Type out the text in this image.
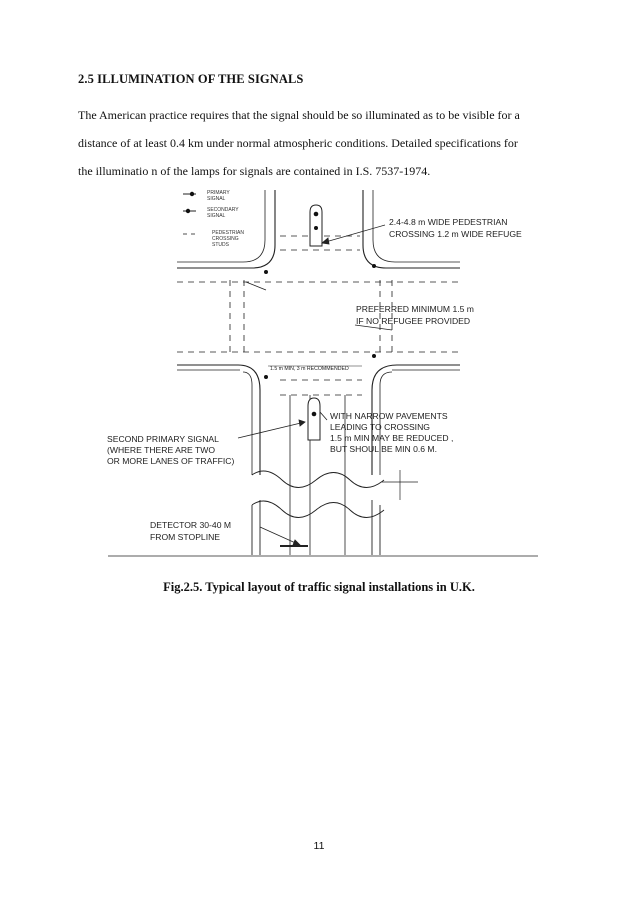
2.5 ILLUMINATION OF THE SIGNALS
The American practice requires that the signal should be so illuminated as to be visible for a
distance of at least 0.4 km under normal atmospheric conditions. Detailed specifications for
the illuminatio n of the lamps for signals are contained in I.S. 7537-1974.
PRIMARY
SIGNAL
SECONDARY
SIGNAL
PEDESTRIAN
CROSSING
STUDS
2.4-4.8 m WIDE PEDESTRIAN
CROSSING 1.2 m WIDE REFUGE
PREFERRED MINIMUM 1.5 m
IF NO REFUGEE PROVIDED
WITH NARROW PAVEMENTS
LEADING TO CROSSING
1.5 m MIN MAY BE REDUCED ,
BUT SHOUL BE MIN 0.6 M.
SECOND PRIMARY SIGNAL
(WHERE THERE ARE TWO
OR MORE LANES OF TRAFFIC)
DETECTOR 30-40 M
FROM STOPLINE
1.5 m MIN, 3 m RECOMMENDED
Fig.2.5. Typical layout of traffic signal installations in U.K.
11
